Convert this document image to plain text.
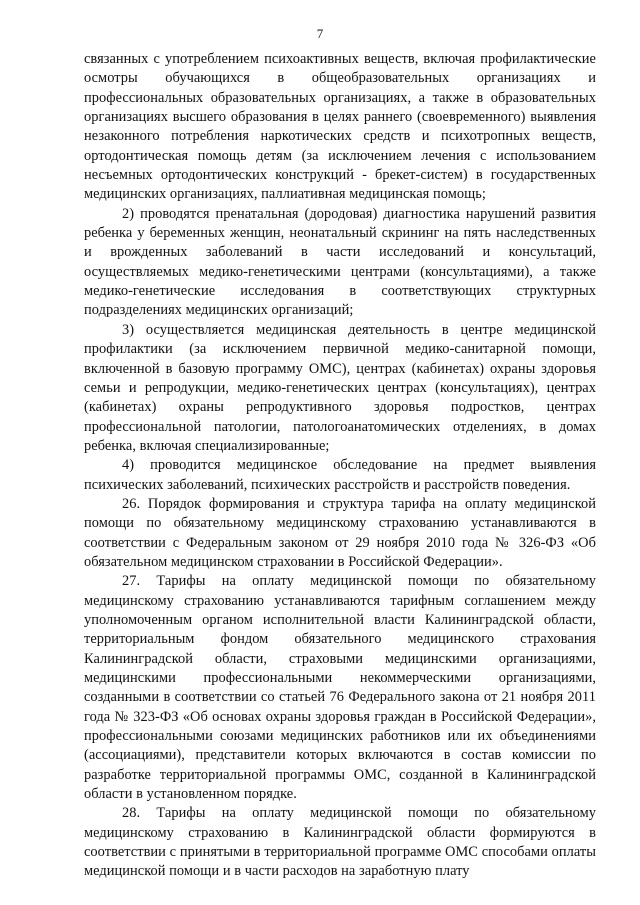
7

связанных с употреблением психоактивных веществ, включая профилактические осмотры обучающихся в общеобразовательных организациях и профессиональных образовательных организациях, а также в образовательных организациях высшего образования в целях раннего (своевременного) выявления незаконного потребления наркотических средств и психотропных веществ, ортодонтическая помощь детям (за исключением лечения с использованием несъемных ортодонтических конструкций - брекет-систем) в государственных медицинских организациях, паллиативная медицинская помощь;

2) проводятся пренатальная (дородовая) диагностика нарушений развития ребенка у беременных женщин, неонатальный скрининг на пять наследственных и врожденных заболеваний в части исследований и консультаций, осуществляемых медико-генетическими центрами (консультациями), а также медико-генетические исследования в соответствующих структурных подразделениях медицинских организаций;

3) осуществляется медицинская деятельность в центре медицинской профилактики (за исключением первичной медико-санитарной помощи, включенной в базовую программу ОМС), центрах (кабинетах) охраны здоровья семьи и репродукции, медико-генетических центрах (консультациях), центрах (кабинетах) охраны репродуктивного здоровья подростков, центрах профессиональной патологии, патологоанатомических отделениях, в домах ребенка, включая специализированные;

4) проводится медицинское обследование на предмет выявления психических заболеваний, психических расстройств и расстройств поведения.

26. Порядок формирования и структура тарифа на оплату медицинской помощи по обязательному медицинскому страхованию устанавливаются в соответствии с Федеральным законом от 29 ноября 2010 года № 326-ФЗ «Об обязательном медицинском страховании в Российской Федерации».

27. Тарифы на оплату медицинской помощи по обязательному медицинскому страхованию устанавливаются тарифным соглашением между уполномоченным органом исполнительной власти Калининградской области, территориальным фондом обязательного медицинского страхования Калининградской области, страховыми медицинскими организациями, медицинскими профессиональными некоммерческими организациями, созданными в соответствии со статьей 76 Федерального закона от 21 ноября 2011 года № 323-ФЗ «Об основах охраны здоровья граждан в Российской Федерации», профессиональными союзами медицинских работников или их объединениями (ассоциациями), представители которых включаются в состав комиссии по разработке территориальной программы ОМС, созданной в Калининградской области в установленном порядке.

28. Тарифы на оплату медицинской помощи по обязательному медицинскому страхованию в Калининградской области формируются в соответствии с принятыми в территориальной программе ОМС способами оплаты медицинской помощи и в части расходов на заработную плату
